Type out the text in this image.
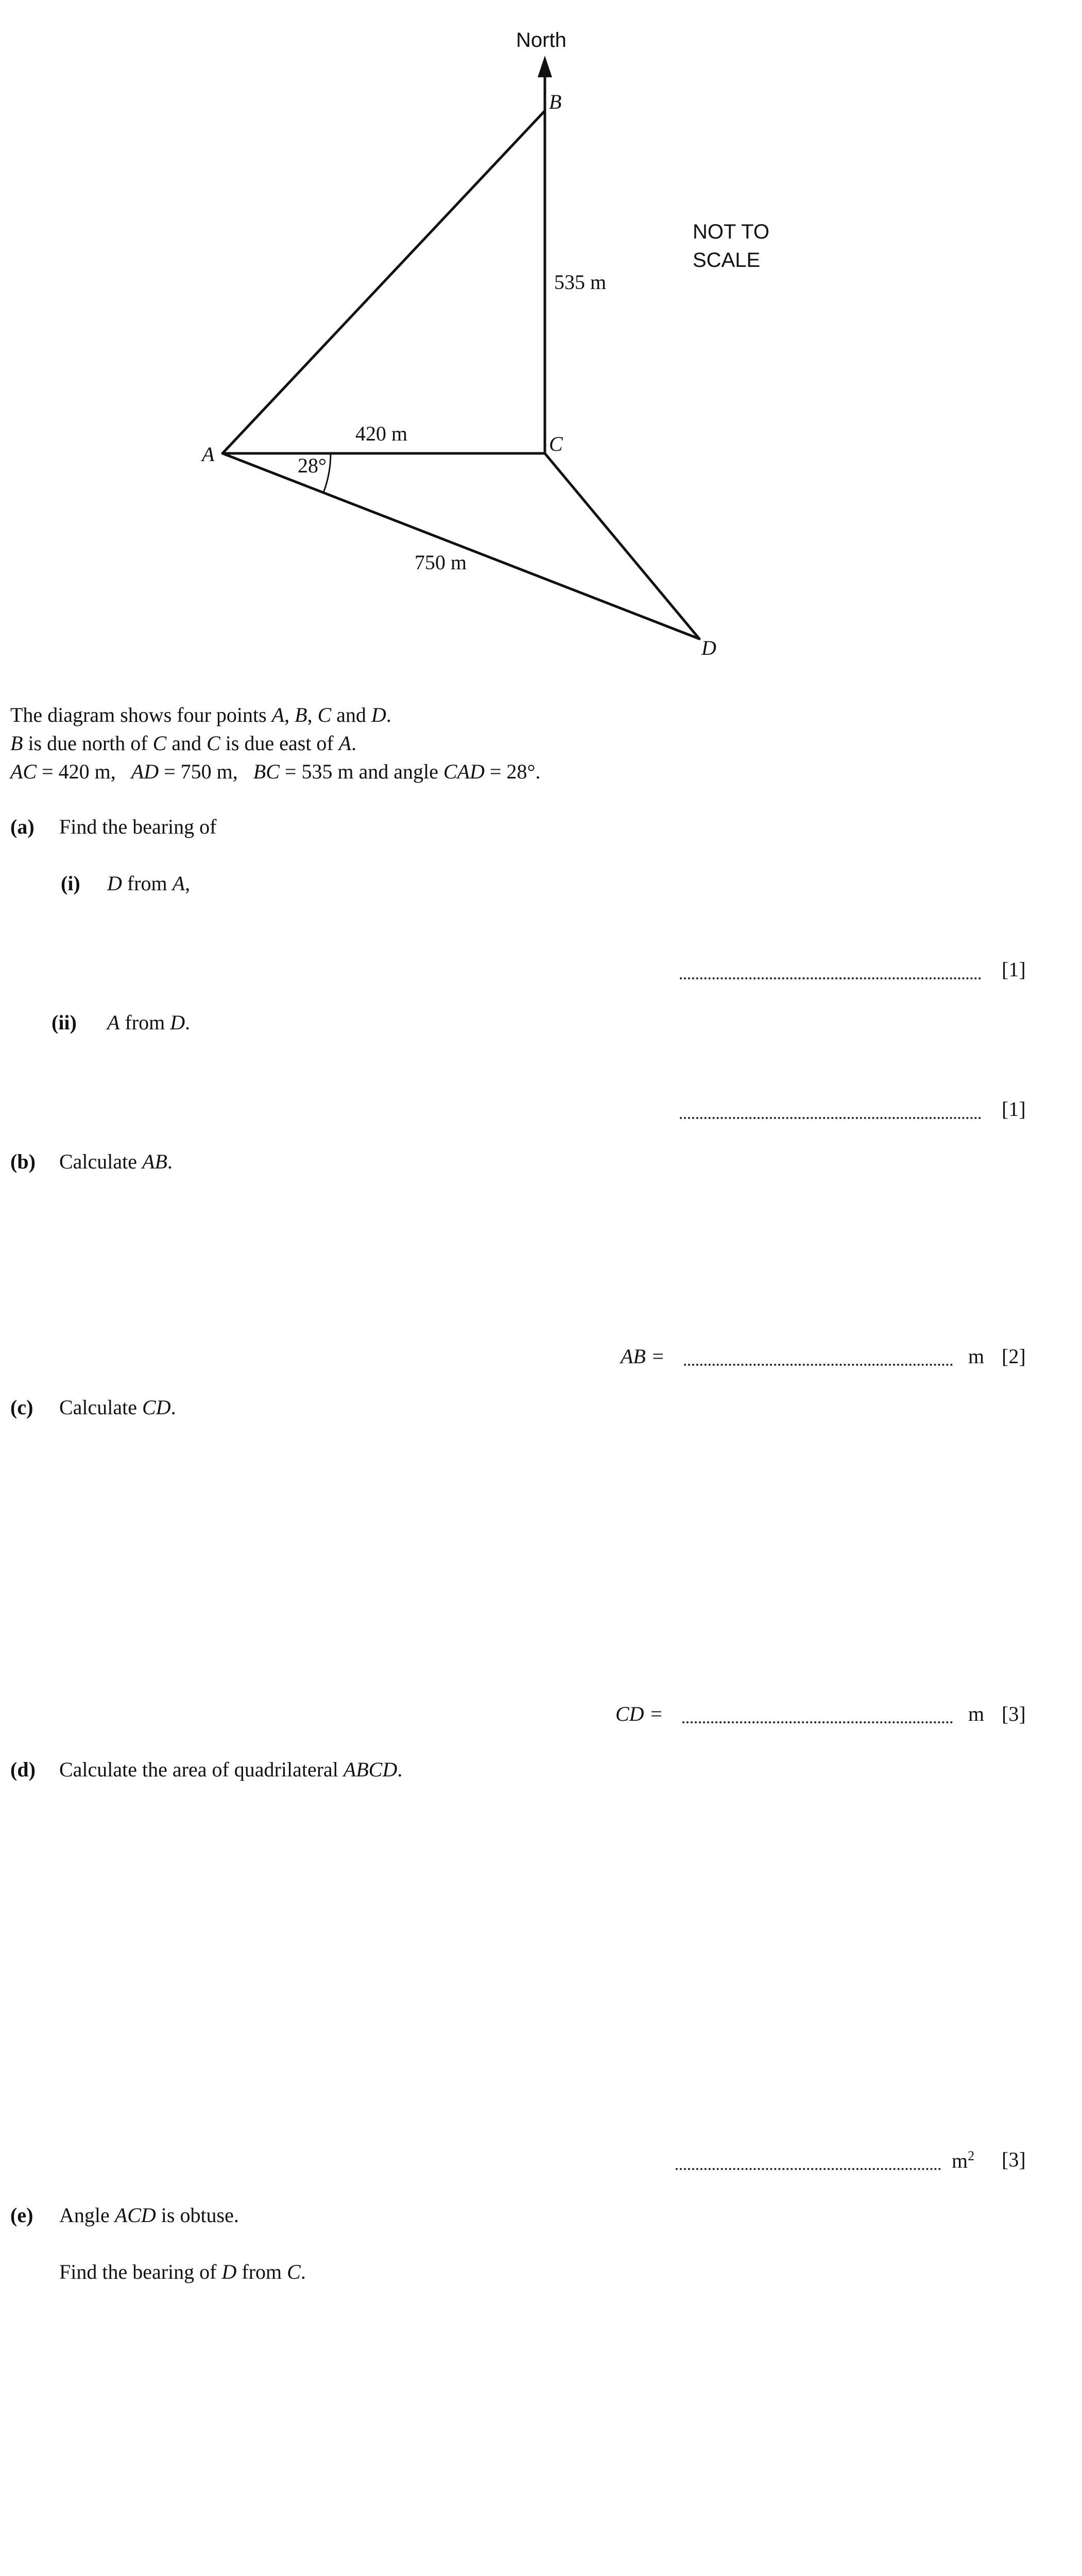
North
B
C
A
D
535 m
420 m
750 m
28°
NOT TO
SCALE
The diagram shows four points A, B, C and D.
B is due north of C and C is due east of A.
AC = 420 m,   AD = 750 m,   BC = 535 m and angle CAD = 28°.
(a) Find the bearing of
(i) D from A,
[1]
(ii) A from D.
[1]
(b) Calculate AB.
AB =	m [2]
(c) Calculate CD.
CD =	m [3]
(d) Calculate the area of quadrilateral ABCD.
$m^2$ [3]
(e) Angle ACD is obtuse.
Find the bearing of D from C.
